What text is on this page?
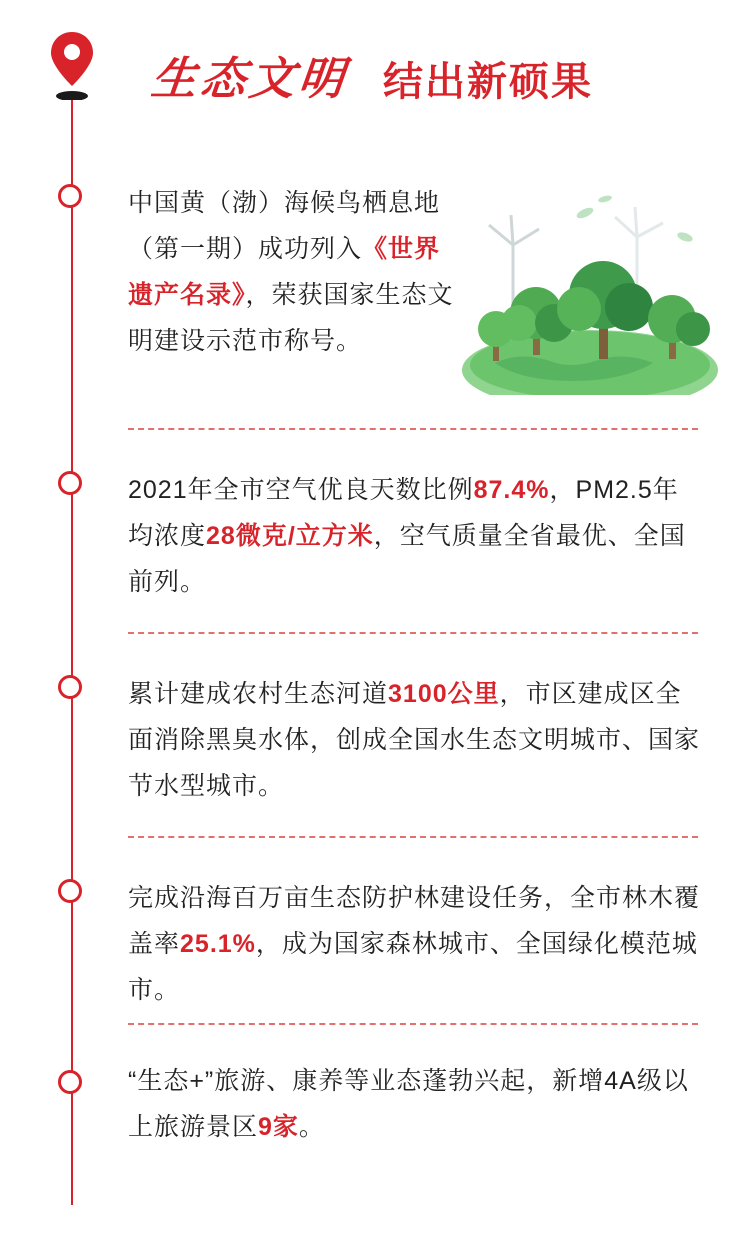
生态文明 结出新硕果
中国黄（渤）海候鸟栖息地（第一期）成功列入《世界遗产名录》，荣获国家生态文明建设示范市称号。
2021年全市空气优良天数比例87.4%，PM2.5年均浓度28微克/立方米，空气质量全省最优、全国前列。
累计建成农村生态河道3100公里，市区建成区全面消除黑臭水体，创成全国水生态文明城市、国家节水型城市。
完成沿海百万亩生态防护林建设任务，全市林木覆盖率25.1%，成为国家森林城市、全国绿化模范城市。
“生态+”旅游、康养等业态蓬勃兴起，新增4A级以上旅游景区9家。
